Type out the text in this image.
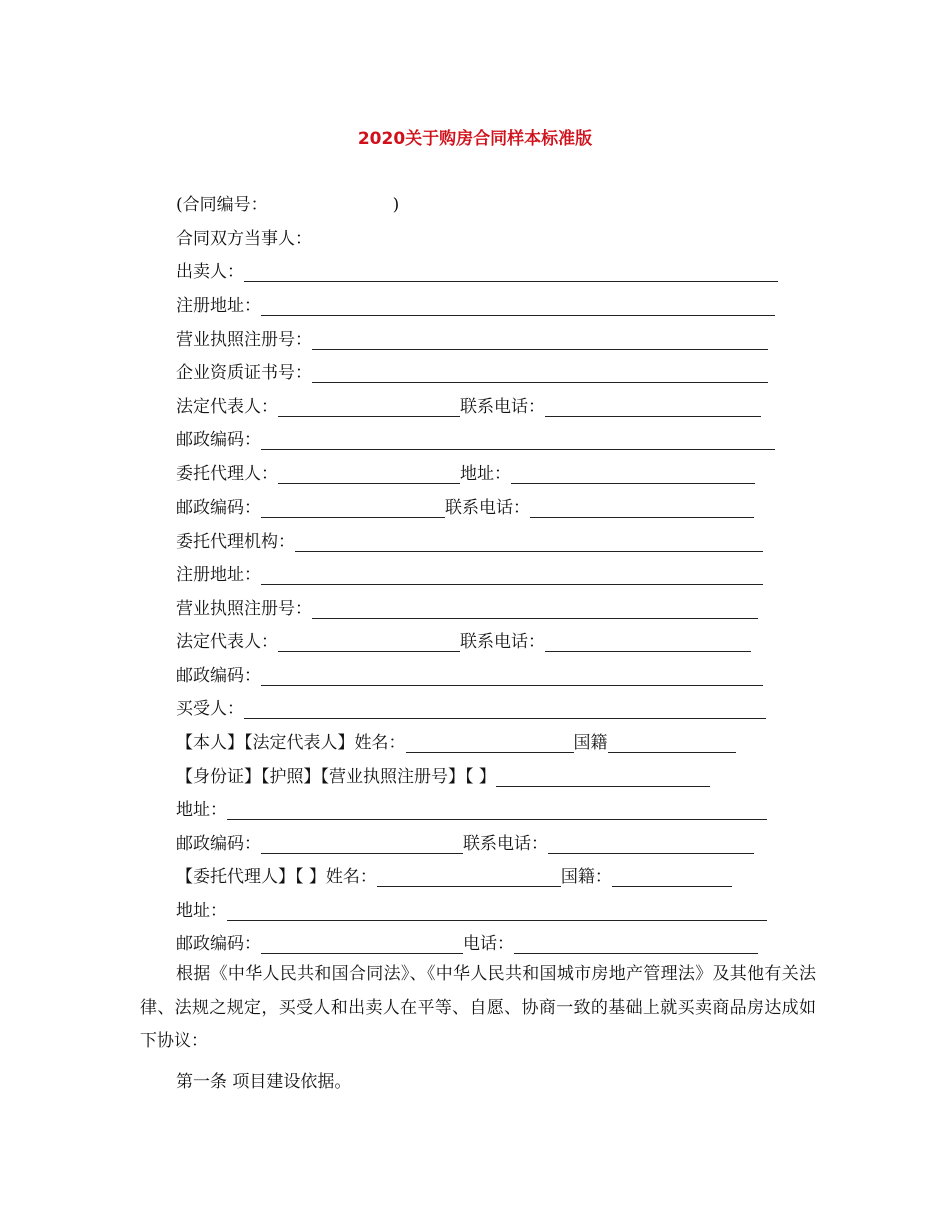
2020关于购房合同样本标准版
(合同编号：	)
合同双方当事人：
出卖人：
注册地址：
营业执照注册号：
企业资质证书号：
法定代表人：	联系电话：
邮政编码：
委托代理人：	地址：
邮政编码：	联系电话：
委托代理机构：
注册地址：
营业执照注册号：
法定代表人：	联系电话：
邮政编码：
买受人：
【本人】【法定代表人】姓名：	国籍
【身份证】【护照】【营业执照注册号】【 】
地址：
邮政编码：	联系电话：
【委托代理人】【 】姓名：	国籍：
地址：
邮政编码：	电话：
根据《中华人民共和国合同法》、《中华人民共和国城市房地产管理法》及其他有关法律、法规之规定，买受人和出卖人在平等、自愿、协商一致的基础上就买卖商品房达成如下协议：
第一条 项目建设依据。
